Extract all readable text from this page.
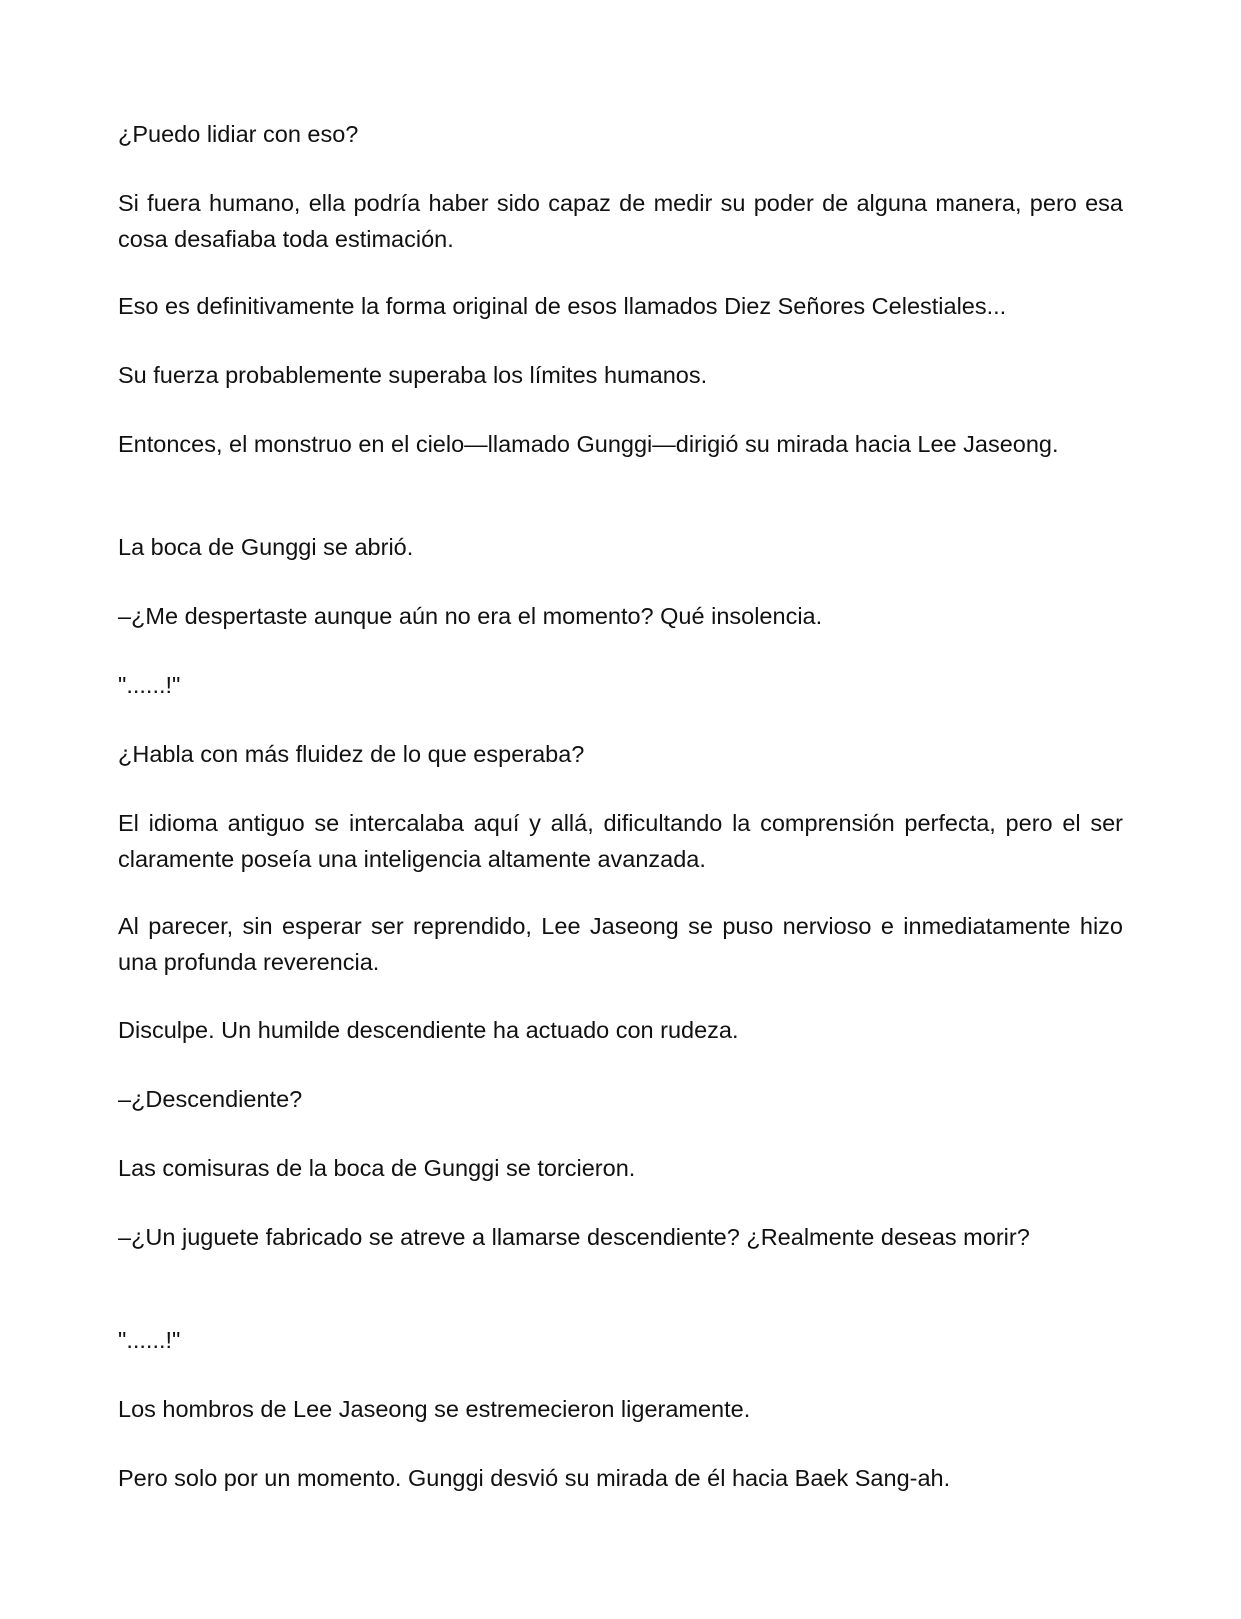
¿Puedo lidiar con eso?

Si fuera humano, ella podría haber sido capaz de medir su poder de alguna manera, pero esa cosa desafiaba toda estimación.

Eso es definitivamente la forma original de esos llamados Diez Señores Celestiales...

Su fuerza probablemente superaba los límites humanos.

Entonces, el monstruo en el cielo—llamado Gunggi—dirigió su mirada hacia Lee Jaseong.

La boca de Gunggi se abrió.

–¿Me despertaste aunque aún no era el momento? Qué insolencia.

"......!"

¿Habla con más fluidez de lo que esperaba?

El idioma antiguo se intercalaba aquí y allá, dificultando la comprensión perfecta, pero el ser claramente poseía una inteligencia altamente avanzada.

Al parecer, sin esperar ser reprendido, Lee Jaseong se puso nervioso e inmediatamente hizo una profunda reverencia.

Disculpe. Un humilde descendiente ha actuado con rudeza.

–¿Descendiente?

Las comisuras de la boca de Gunggi se torcieron.

–¿Un juguete fabricado se atreve a llamarse descendiente? ¿Realmente deseas morir?

"......!"

Los hombros de Lee Jaseong se estremecieron ligeramente.

Pero solo por un momento. Gunggi desvió su mirada de él hacia Baek Sang-ah.
